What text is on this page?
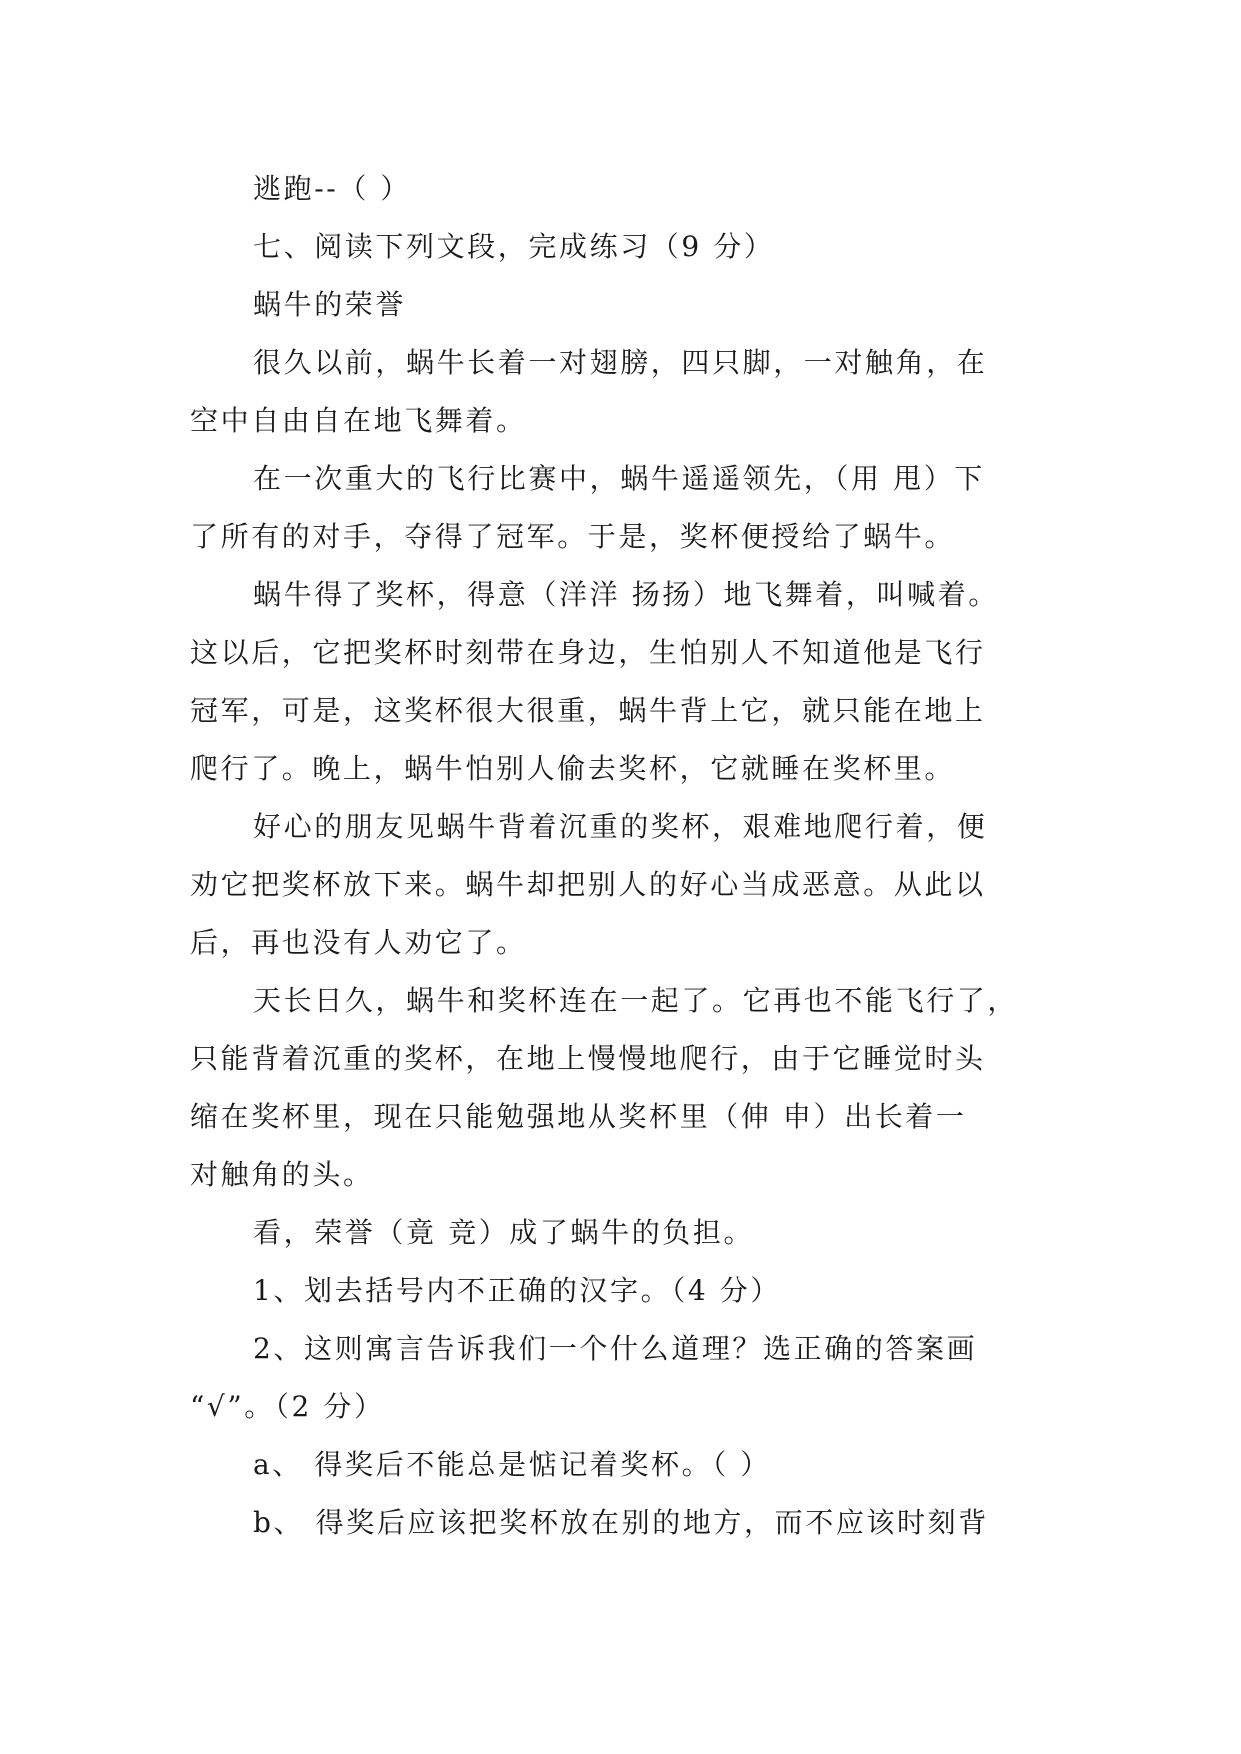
逃跑--（ ）
七、阅读下列文段，完成练习（9 分）
蜗牛的荣誉
很久以前，蜗牛长着一对翅膀，四只脚，一对触角，在
空中自由自在地飞舞着。
在一次重大的飞行比赛中，蜗牛遥遥领先，（用 甩）下
了所有的对手，夺得了冠军。于是，奖杯便授给了蜗牛。
蜗牛得了奖杯，得意（洋洋 扬扬）地飞舞着，叫喊着。
这以后，它把奖杯时刻带在身边，生怕别人不知道他是飞行
冠军，可是，这奖杯很大很重，蜗牛背上它，就只能在地上
爬行了。晚上，蜗牛怕别人偷去奖杯，它就睡在奖杯里。
好心的朋友见蜗牛背着沉重的奖杯，艰难地爬行着，便
劝它把奖杯放下来。蜗牛却把别人的好心当成恶意。从此以
后，再也没有人劝它了。
天长日久，蜗牛和奖杯连在一起了。它再也不能飞行了，
只能背着沉重的奖杯，在地上慢慢地爬行，由于它睡觉时头
缩在奖杯里，现在只能勉强地从奖杯里（伸 申）出长着一
对触角的头。
看，荣誉（竟 竞）成了蜗牛的负担。
1、划去括号内不正确的汉字。（4 分）
2、这则寓言告诉我们一个什么道理？选正确的答案画
“√”。（2 分）
a、 得奖后不能总是惦记着奖杯。（ ）
b、 得奖后应该把奖杯放在别的地方，而不应该时刻背
